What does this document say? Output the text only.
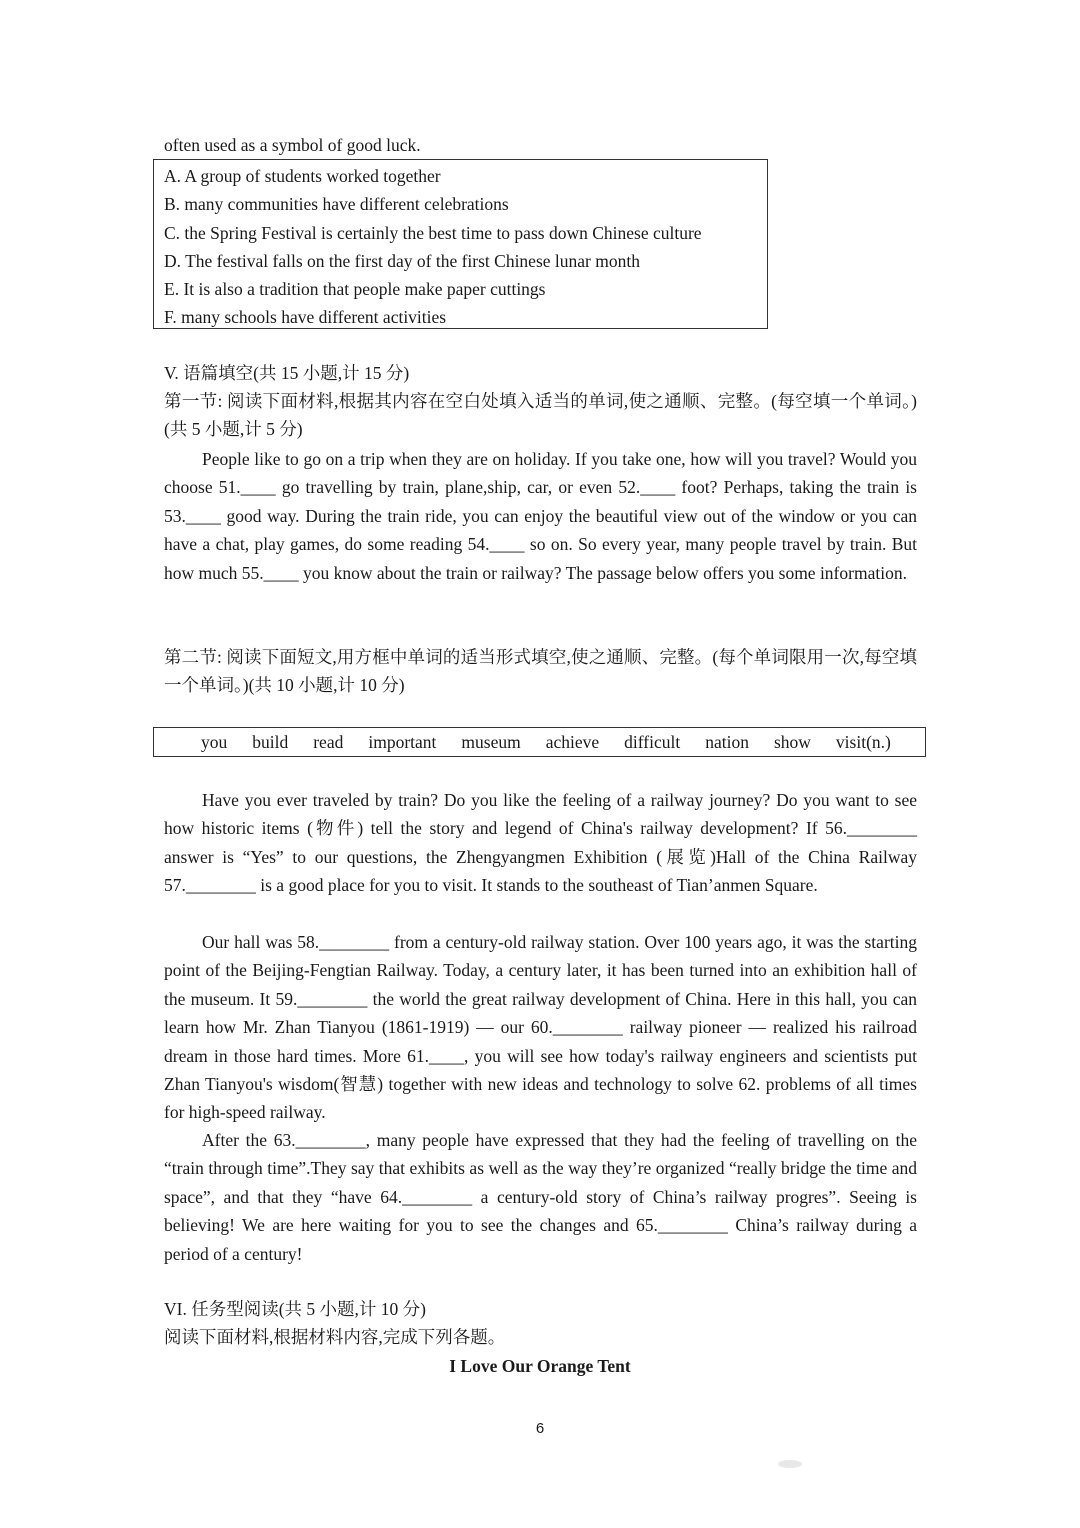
often used as a symbol of good luck.
A. A group of students worked together
B. many communities have different celebrations
C. the Spring Festival is certainly the best time to pass down Chinese culture
D. The festival falls on the first day of the first Chinese lunar month
E. It is also a tradition that people make paper cuttings
F. many schools have different activities
V. 语篇填空(共 15 小题,计 15 分)

第一节: 阅读下面材料,根据其内容在空白处填入适当的单词,使之通顺、完整。(每空填一个单词。)(共 5 小题,计 5 分)

People like to go on a trip when they are on holiday. If you take one, how will you travel? Would you choose 51.____ go travelling by train, plane,ship, car, or even 52.____ foot? Perhaps, taking the train is 53.____ good way. During the train ride, you can enjoy the beautiful view out of the window or you can have a chat, play games, do some reading 54.____ so on. So every year, many people travel by train. But how much 55.____ you know about the train or railway? The passage below offers you some information.

第二节: 阅读下面短文,用方框中单词的适当形式填空,使之通顺、完整。(每个单词限用一次,每空填一个单词。)(共 10 小题,计 10 分)

you build read important museum achieve difficult nation show visit(n.)

Have you ever traveled by train? Do you like the feeling of a railway journey? Do you want to see how historic items (物件) tell the story and legend of China's railway development? If 56.________ answer is “Yes” to our questions, the Zhengyangmen Exhibition (展览)Hall of the China Railway 57.________ is a good place for you to visit. It stands to the southeast of Tian’anmen Square.

Our hall was 58.________ from a century-old railway station. Over 100 years ago, it was the starting point of the Beijing-Fengtian Railway. Today, a century later, it has been turned into an exhibition hall of the museum. It 59.________ the world the great railway development of China. Here in this hall, you can learn how Mr. Zhan Tianyou (1861-1919) — our 60.________ railway pioneer — realized his railroad dream in those hard times. More 61.____, you will see how today's railway engineers and scientists put Zhan Tianyou's wisdom(智慧) together with new ideas and technology to solve 62. problems of all times for high-speed railway.

After the 63.________, many people have expressed that they had the feeling of travelling on the “train through time”.They say that exhibits as well as the way they’re organized “really bridge the time and space”, and that they “have 64.________ a century-old story of China’s railway progres”. Seeing is believing! We are here waiting for you to see the changes and 65.________ China’s railway during a period of a century!

VI. 任务型阅读(共 5 小题,计 10 分)
阅读下面材料,根据材料内容,完成下列各题。
I Love Our Orange Tent
6
